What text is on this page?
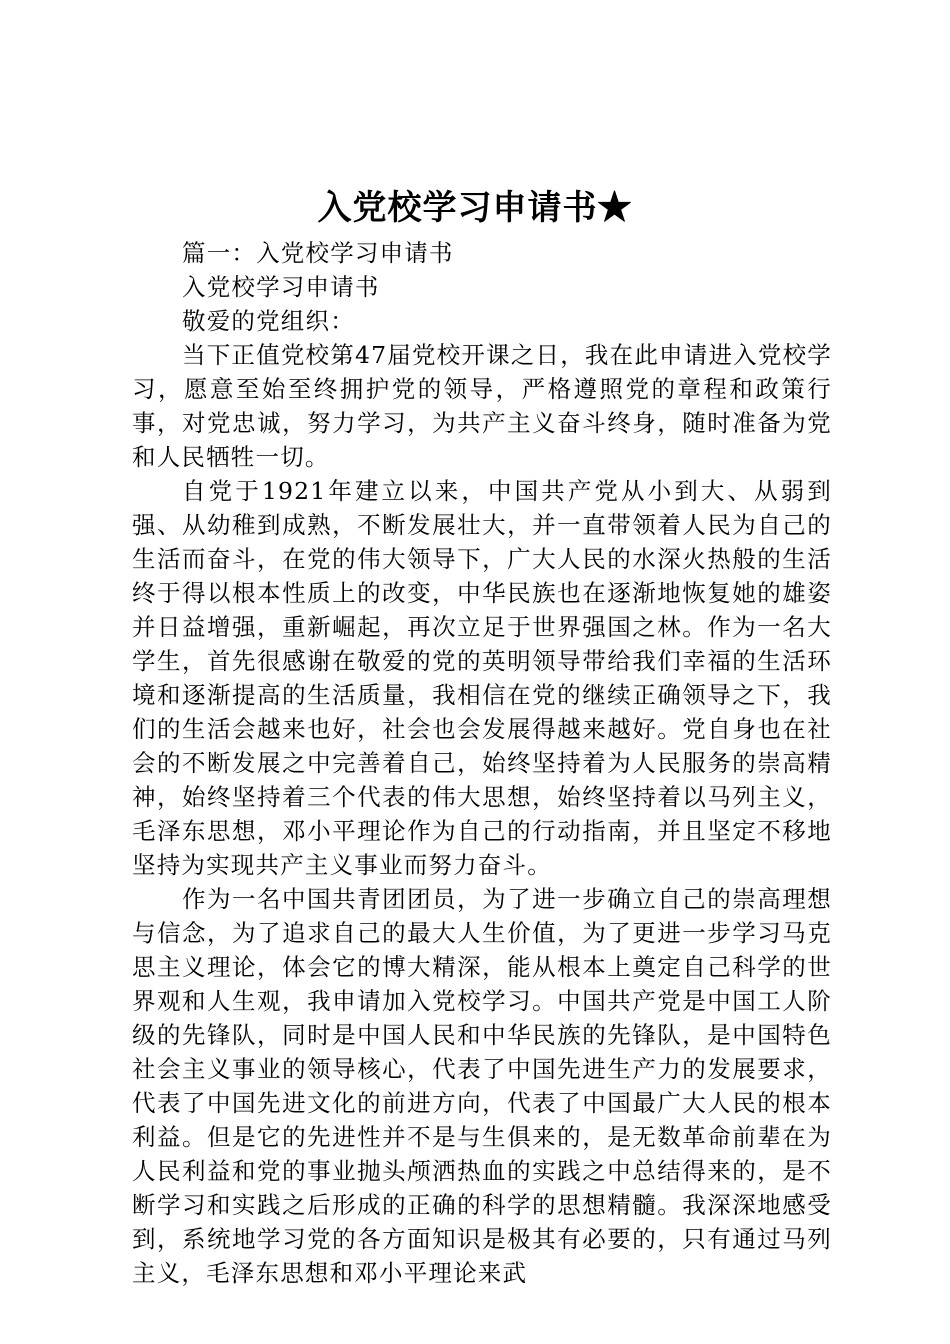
入党校学习申请书★

篇一：入党校学习申请书

入党校学习申请书

敬爱的党组织：

当下正值党校第47届党校开课之日，我在此申请进入党校学习，愿意至始至终拥护党的领导，严格遵照党的章程和政策行事，对党忠诚，努力学习，为共产主义奋斗终身，随时准备为党和人民牺牲一切。

自党于1921年建立以来，中国共产党从小到大、从弱到强、从幼稚到成熟，不断发展壮大，并一直带领着人民为自己的生活而奋斗，在党的伟大领导下，广大人民的水深火热般的生活终于得以根本性质上的改变，中华民族也在逐渐地恢复她的雄姿并日益增强，重新崛起，再次立足于世界强国之林。作为一名大学生，首先很感谢在敬爱的党的英明领导带给我们幸福的生活环境和逐渐提高的生活质量，我相信在党的继续正确领导之下，我们的生活会越来也好，社会也会发展得越来越好。党自身也在社会的不断发展之中完善着自己，始终坚持着为人民服务的崇高精神，始终坚持着三个代表的伟大思想，始终坚持着以马列主义，毛泽东思想，邓小平理论作为自己的行动指南，并且坚定不移地坚持为实现共产主义事业而努力奋斗。

作为一名中国共青团团员，为了进一步确立自己的崇高理想与信念，为了追求自己的最大人生价值，为了更进一步学习马克思主义理论，体会它的博大精深，能从根本上奠定自己科学的世界观和人生观，我申请加入党校学习。中国共产党是中国工人阶级的先锋队，同时是中国人民和中华民族的先锋队，是中国特色社会主义事业的领导核心，代表了中国先进生产力的发展要求，代表了中国先进文化的前进方向，代表了中国最广大人民的根本利益。但是它的先进性并不是与生俱来的，是无数革命前辈在为人民利益和党的事业抛头颅洒热血的实践之中总结得来的，是不断学习和实践之后形成的正确的科学的思想精髓。我深深地感受到，系统地学习党的各方面知识是极其有必要的，只有通过马列主义，毛泽东思想和邓小平理论来武
